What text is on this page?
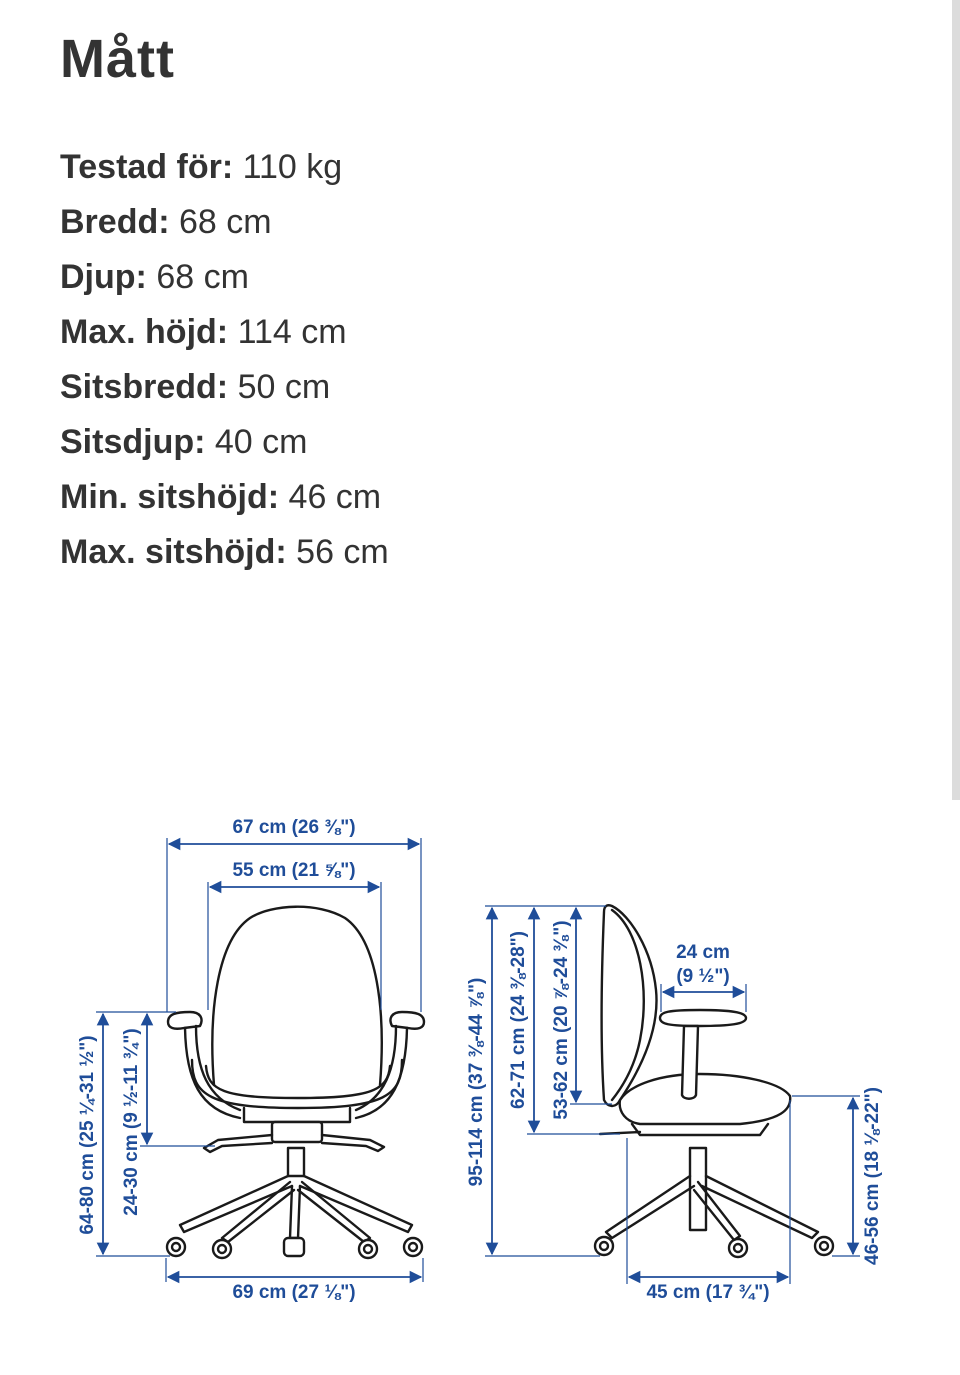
Mått
Testad för: 110 kg
Bredd: 68 cm
Djup: 68 cm
Max. höjd: 114 cm
Sitsbredd: 50 cm
Sitsdjup: 40 cm
Min. sitshöjd: 46 cm
Max. sitshöjd: 56 cm
67 cm (26 ⅜")
55 cm (21 ⅝")
64-80 cm (25 ¼-31 ½") 24-30 cm (9 ½-11 ¾")
69 cm (27 ⅛")
95-114 cm (37 ⅜-44 ⅞") 62-71 cm (24 ⅜-28") 53-62 cm (20 ⅞-24 ⅜")	24 cm
(9 ½")
46-56 cm (18 ⅛-22")
45 cm (17 ¾")
